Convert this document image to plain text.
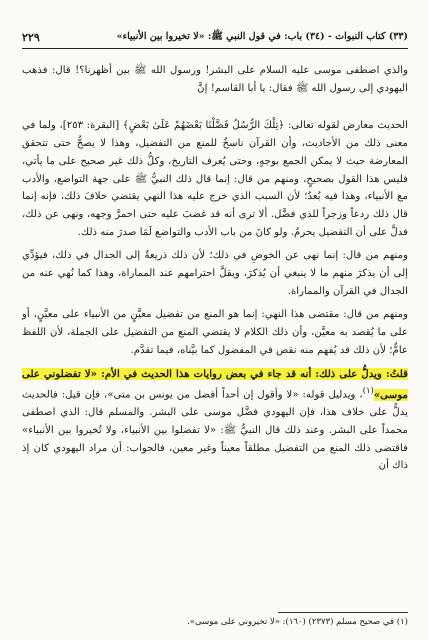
(٣٣) كتاب النبوات - (٣٤) باب: في قول النبي ﷺ: «لا تخيروا بين الأنبياء»
٢٢٩

والذي اصطفى موسى عليه السلام على البشر! ورسول الله ﷺ بين أظهرنا؟! قال: فذهب اليهودي إلى رسول الله ﷺ فقال: يا أبا القاسم! إنَّ

الحديث معارض لقوله تعالى: ﴿تِلْكَ الرُّسُلُ فَضَّلْنَا بَعْضَهُمْ عَلَىٰ بَعْضٍ﴾ [البقرة: ٢٥٣]، ولما في معنى ذلك من الأحاديث، وأن القرآن ناسخٌ للمنع من التفضيل، وهذا لا يصحُّ حتى تتحقق المعارضة حيث لا يمكن الجمع بوجهٍ، وحتى يُعرف التاريخ، وكلُّ ذلك غير صحيح على ما يأتي، فليس هذا القول بصحيحٍ، ومنهم من قال: إنما قال ذلك النبيُّ ﷺ على جهة التواضع، والأدب مع الأنبياء، وهذا فيه بُعدٌ؛ لأن السبب الذي خرج عليه هذا النهي يقتضي خلافَ ذلك، فإنه إنما قال ذلك ردعاً وزجراً للذي فضَّل. ألا ترى أنه قد غضبَ عليه حتى احمرَّ وجهه، ونهى عن ذلك، فدلَّ على أن التفضيل يحرمُ. ولو كانَ من باب الأدب والتواضع لَمَا صدرَ منه ذلك.

ومنهم من قال: إنما نهى عن الخوضِ في ذلك؛ لأن ذلك ذريعةٌ إلى الجدال في ذلك، فيؤدِّي إلى أن يذكرَ منهم ما لا ينبغي أن يُذكرَ، ويقلَّ احترامهم عند المماراة، وهذا كما نُهي عنه من الجدال في القرآن والمماراة.

ومنهم من قال: مقتضى هذا النهي: إنما هو المنع من تفضيل معيَّنٍ من الأنبياء على معيَّنٍ، أو على ما يُقصد به معيَّن، وأن ذلك الكلام لا يقتضي المنع من التفضيل على الجملة، لأن اللفظ عامٌّ؛ لأن ذلك قد يُفهم منه نقص في المفضول كما بيَّناه، فيما تقدَّم.

قلتُ: ويدلُّ على ذلك: أنه قد جاء في بعض روايات هذا الحديث في الأم: «لا تفضلوني على موسى»$^{(١)}$، ويدليل قوله: «لا وأقول إن أحداً أفضل من يونس بن متى»، فإن قيل: فالحديث يدلُّ على خلاف هذا، فإن اليهودي فضَّل موسى على البشر. والمسلم قال: الذي اصطفى محمداً على البشر. وعند ذلك قال النبيُّ ﷺ: «لا تفضلوا بين الأنبياء، ولا تُخيروا بين الأنبياء» فاقتضى ذلك المنع من التفضيل مطلقاً معيناً وغير معين، فالجواب: أن مراد اليهودي كان إذ ذاك أن

(١) في صحيح مسلم (٢٣٧٣) (١٦٠): «لا تخيروني على موسى».
